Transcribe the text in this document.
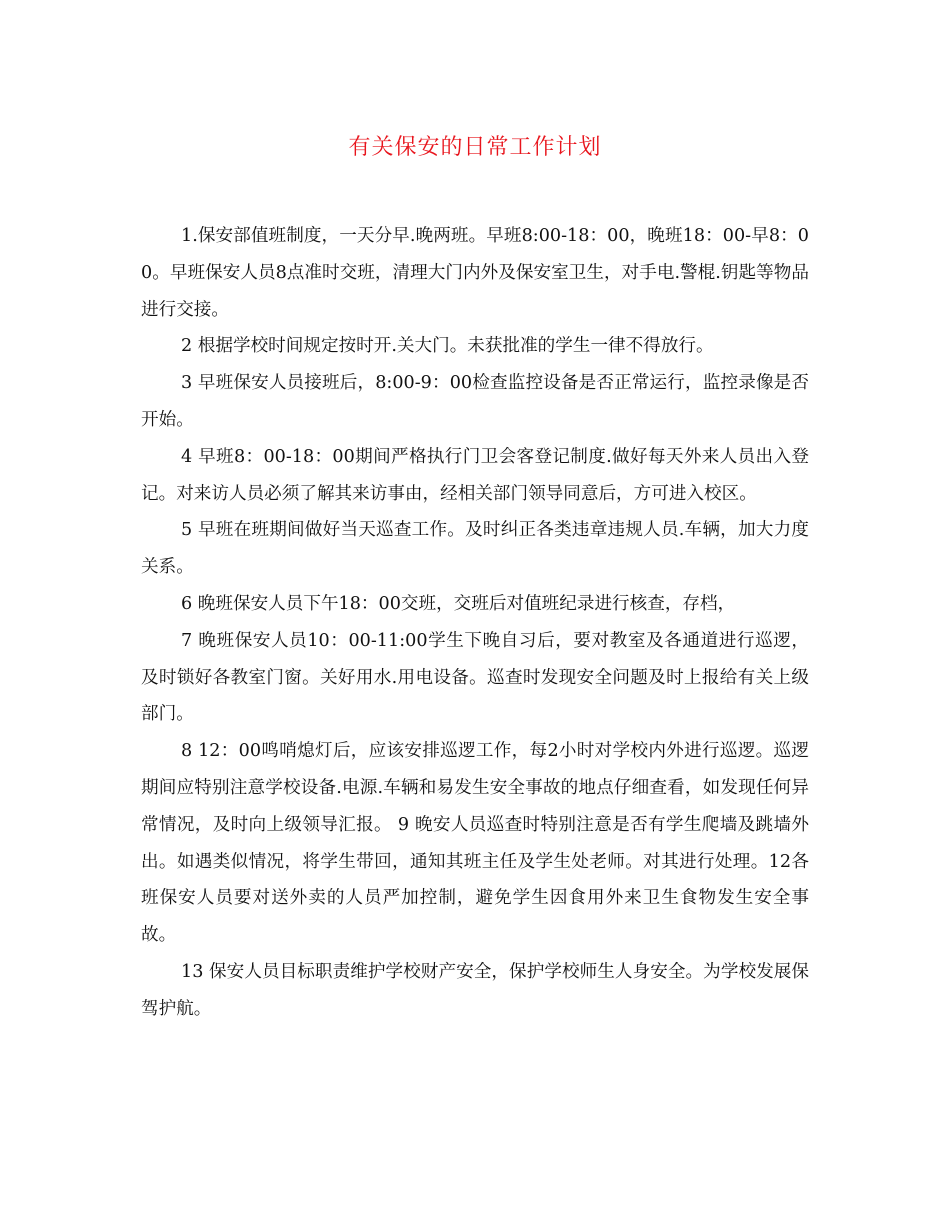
有关保安的日常工作计划

1.保安部值班制度，一天分早.晚两班。早班8:00-18：00，晚班18：00-早8：00。早班保安人员8点准时交班，清理大门内外及保安室卫生，对手电.警棍.钥匙等物品进行交接。

2 根据学校时间规定按时开.关大门。未获批准的学生一律不得放行。

3 早班保安人员接班后，8:00-9：00检查监控设备是否正常运行，监控录像是否开始。

4 早班8：00-18：00期间严格执行门卫会客登记制度.做好每天外来人员出入登记。对来访人员必须了解其来访事由，经相关部门领导同意后，方可进入校区。

5 早班在班期间做好当天巡查工作。及时纠正各类违章违规人员.车辆，加大力度关系。

6 晚班保安人员下午18：00交班，交班后对值班纪录进行核查，存档，

7 晚班保安人员10：00-11:00学生下晚自习后，要对教室及各通道进行巡逻，及时锁好各教室门窗。关好用水.用电设备。巡查时发现安全问题及时上报给有关上级部门。

8 12：00鸣哨熄灯后，应该安排巡逻工作，每2小时对学校内外进行巡逻。巡逻期间应特别注意学校设备.电源.车辆和易发生安全事故的地点仔细查看，如发现任何异常情况，及时向上级领导汇报。 9 晚安人员巡查时特别注意是否有学生爬墙及跳墙外出。如遇类似情况，将学生带回，通知其班主任及学生处老师。对其进行处理。12各班保安人员要对送外卖的人员严加控制，避免学生因食用外来卫生食物发生安全事故。

13 保安人员目标职责维护学校财产安全，保护学校师生人身安全。为学校发展保驾护航。
